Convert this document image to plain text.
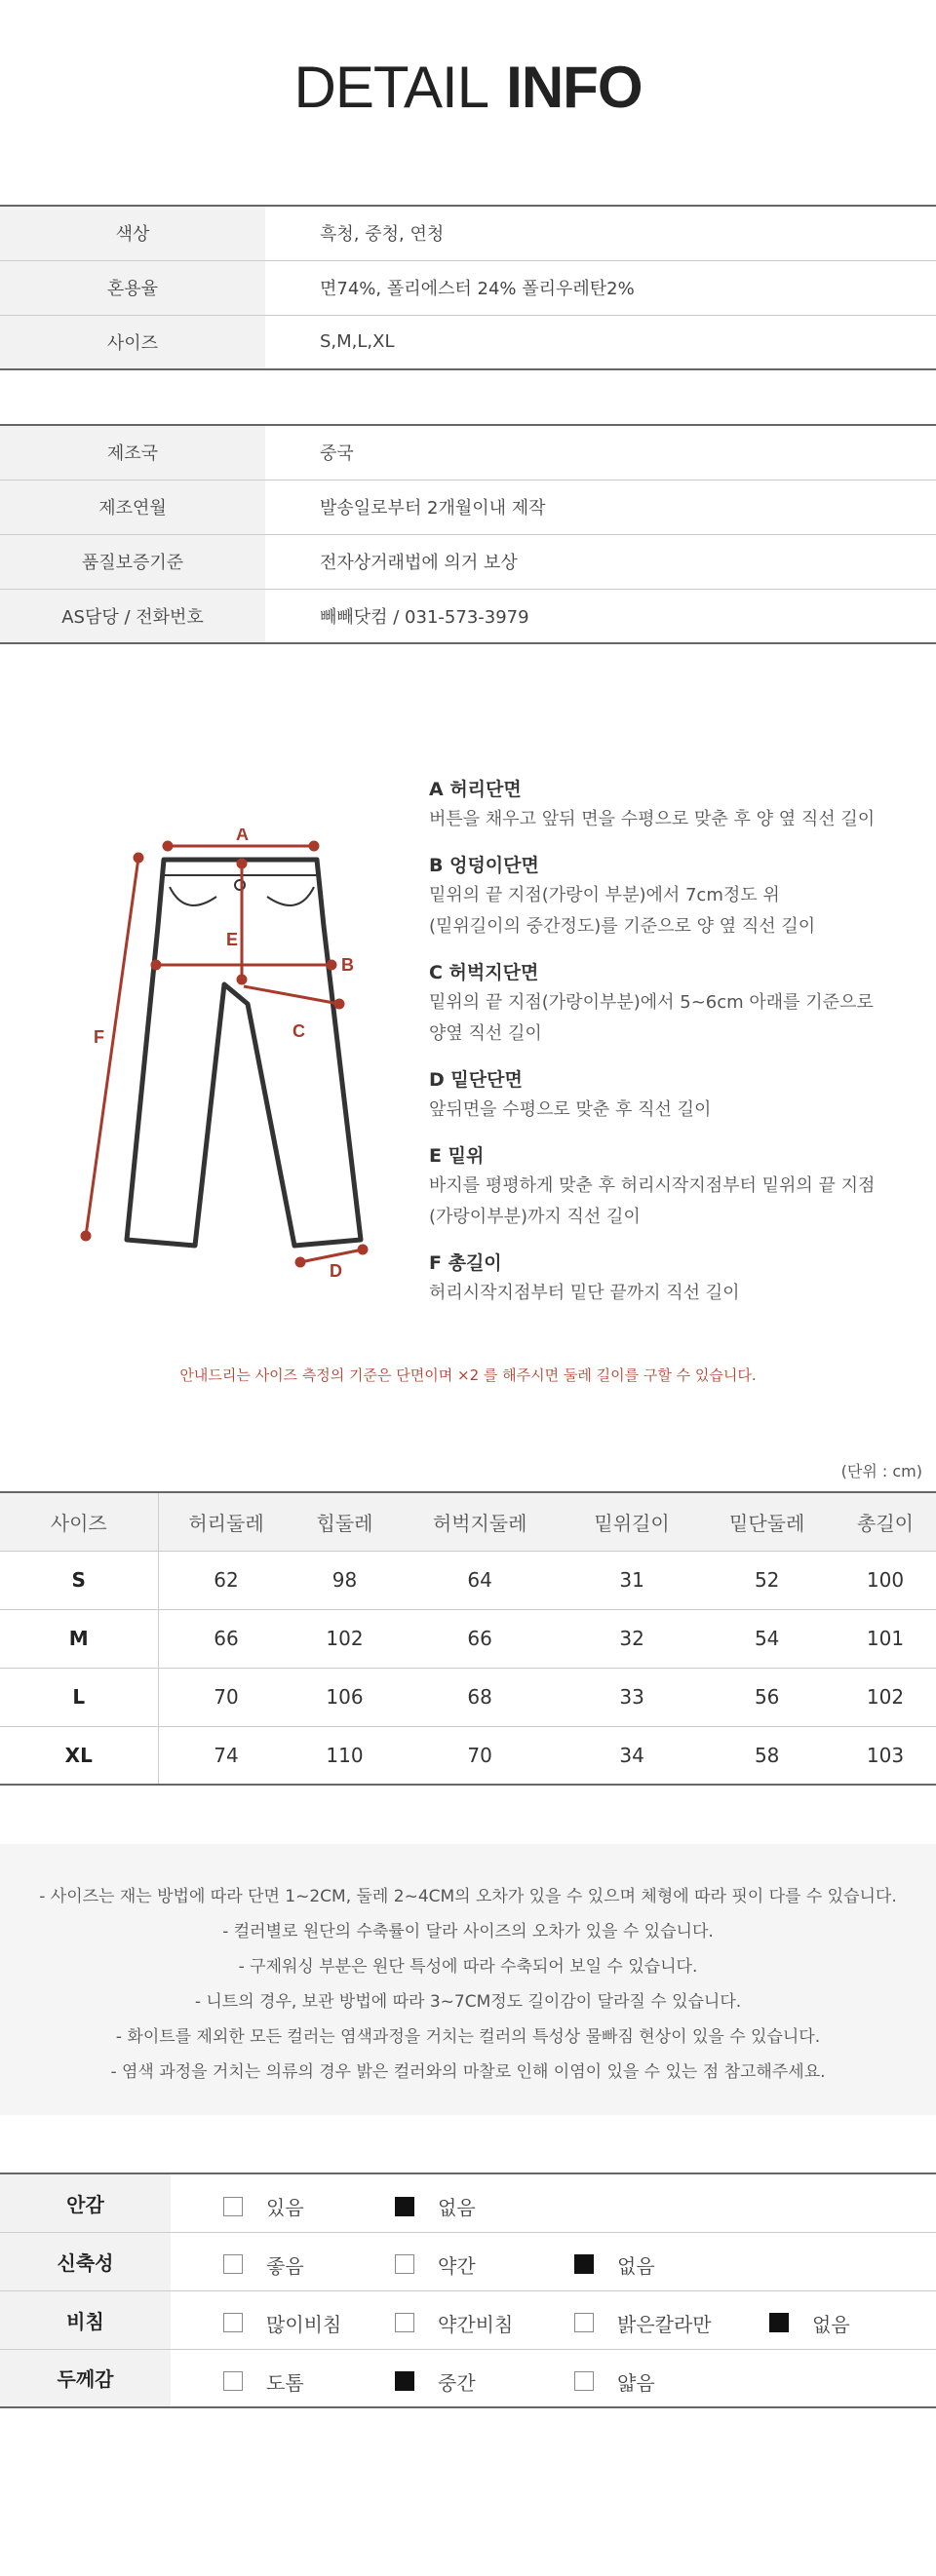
DETAIL INFO
색상	흑청, 중청, 연청
혼용율	면74%, 폴리에스터 24% 폴리우레탄2%
사이즈	S,M,L,XL
제조국	중국
제조연월	발송일로부터 2개월이내 제작
품질보증기준	전자상거래법에 의거 보상
AS담당 / 전화번호	빼빼닷컴 / 031-573-3979
A
B
C
D
E
F
A 허리단면
버튼을 채우고 앞뒤 면을 수평으로 맞춘 후 양 옆 직선 길이
B 엉덩이단면
밑위의 끝 지점(가랑이 부분)에서 7cm정도 위
(밑위길이의 중간정도)를 기준으로 양 옆 직선 길이
C 허벅지단면
밑위의 끝 지점(가랑이부분)에서 5~6cm 아래를 기준으로
양옆 직선 길이
D 밑단단면
앞뒤면을 수평으로 맞춘 후 직선 길이
E 밑위
바지를 평평하게 맞춘 후 허리시작지점부터 밑위의 끝 지점
(가랑이부분)까지 직선 길이
F 총길이
허리시작지점부터 밑단 끝까지 직선 길이
안내드리는 사이즈 측정의 기준은 단면이며 ×2 를 해주시면 둘레 길이를 구할 수 있습니다.
(단위 : cm)
사이즈	허리둘레	힙둘레	허벅지둘레	밑위길이	밑단둘레	총길이
S	62	98	64	31	52	100
M	66	102	66	32	54	101
L	70	106	68	33	56	102
XL	74	110	70	34	58	103

- 사이즈는 재는 방법에 따라 단면 1~2CM, 둘레 2~4CM의 오차가 있을 수 있으며 체형에 따라 핏이 다를 수 있습니다.

- 컬러별로 원단의 수축률이 달라 사이즈의 오차가 있을 수 있습니다.

- 구제워싱 부분은 원단 특성에 따라 수축되어 보일 수 있습니다.

- 니트의 경우, 보관 방법에 따라 3~7CM정도 길이감이 달라질 수 있습니다.

- 화이트를 제외한 모든 컬러는 염색과정을 거치는 컬러의 특성상 물빠짐 현상이 있을 수 있습니다.

- 염색 과정을 거치는 의류의 경우 밝은 컬러와의 마찰로 인해 이염이 있을 수 있는 점 참고해주세요.

안감	있음 없음

신축성	좋음 약간 없음

비침	많이비침 약간비침 밝은칼라만 없음

두께감	도톰 중간 얇음
